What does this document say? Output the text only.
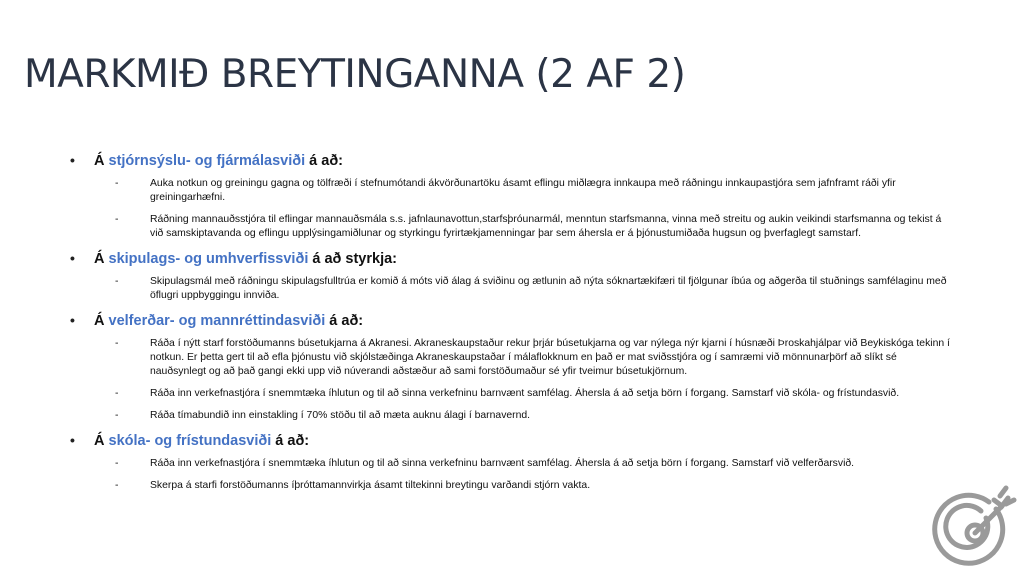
MARKMIÐ BREYTINGANNA (2 AF 2)
•	Á stjórnsýslu- og fjármálasviði á að:
-	Auka notkun og greiningu gagna og tölfræði í stefnumótandi ákvörðunartöku ásamt eflingu miðlægra innkaupa með ráðningu innkaupastjóra sem jafnframt ráði yfir greiningarhæfni.
-	Ráðning mannauðsstjóra til eflingar mannauðsmála s.s. jafnlaunavottun,starfsþróunarmál, menntun starfsmanna, vinna með streitu og aukin veikindi starfsmanna og tekist á við samskiptavanda og eflingu upplýsingamiðlunar og styrkingu fyrirtækjamenningar þar sem áhersla er á þjónustumiðaða hugsun og þverfaglegt samstarf.
•	Á skipulags- og umhverfissviði á að styrkja:
-	Skipulagsmál með ráðningu skipulagsfulltrúa er komið á móts við álag á sviðinu og ætlunin að nýta sóknartækifæri til fjölgunar íbúa og aðgerða til stuðnings samfélaginu með öflugri uppbyggingu innviða.
•	Á velferðar- og mannréttindasviði á að:
-	Ráða í nýtt starf forstöðumanns búsetukjarna á Akranesi. Akraneskaupstaður rekur þrjár búsetukjarna og var nýlega nýr kjarni í húsnæði Þroskahjálpar við Beykiskóga tekinn í notkun. Er þetta gert til að efla þjónustu við skjólstæðinga Akraneskaupstaðar í málaflokknum en það er mat sviðsstjóra og í samræmi við mönnunarþörf að slíkt sé nauðsynlegt og að það gangi ekki upp við núverandi aðstæður að sami forstöðumaður sé yfir tveimur búsetukjörnum.
-	Ráða inn verkefnastjóra í snemmtæka íhlutun og til að sinna verkefninu barnvænt samfélag. Áhersla á að setja börn í forgang. Samstarf við skóla- og frístundasvið.
-	Ráða tímabundið inn einstakling í 70% stöðu til að mæta auknu álagi í barnavernd.
•	Á skóla- og frístundasviði á að:
-	Ráða inn verkefnastjóra í snemmtæka íhlutun og til að sinna verkefninu barnvænt samfélag. Áhersla á að setja börn í forgang. Samstarf við velferðarsvið.
-	Skerpa á starfi forstöðumanns íþróttamannvirkja ásamt tiltekinni breytingu varðandi stjórn vakta.
